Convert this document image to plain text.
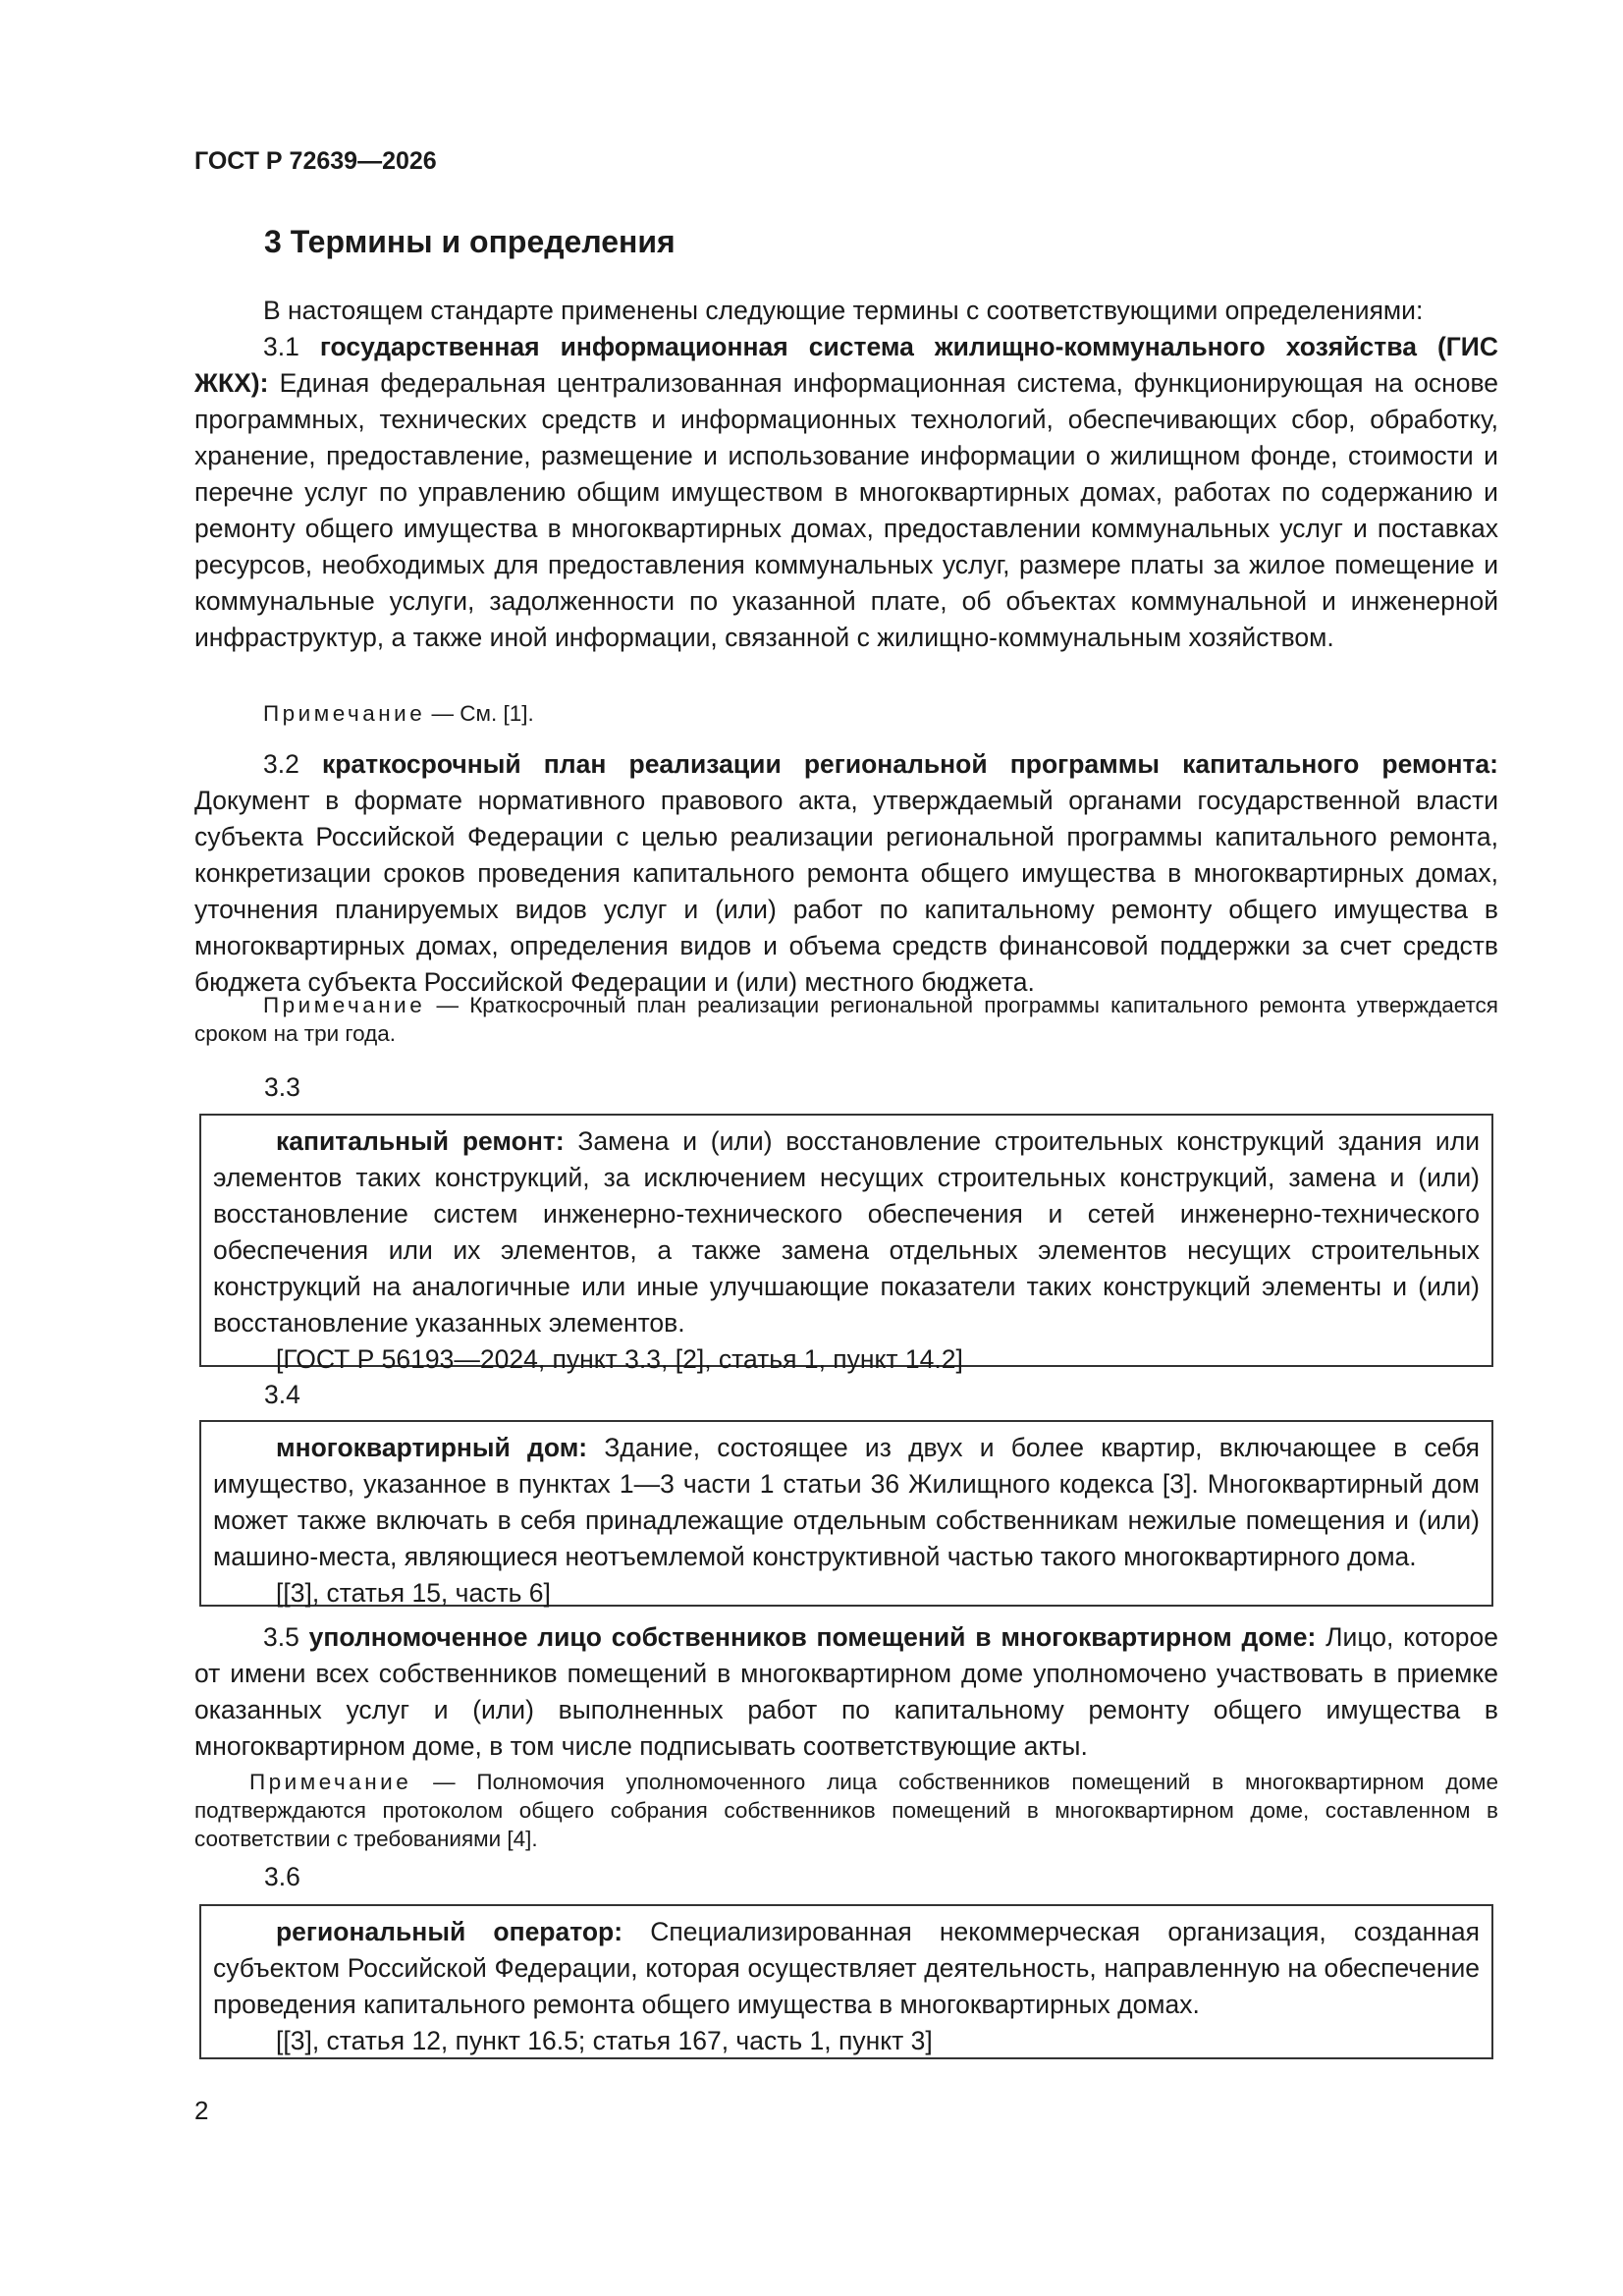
ГОСТ Р 72639—2026
3 Термины и определения
В настоящем стандарте применены следующие термины с соответствующими определениями:
3.1 государственная информационная система жилищно-коммунального хозяйства (ГИС ЖКХ): Единая федеральная централизованная информационная система, функционирующая на основе программных, технических средств и информационных технологий, обеспечивающих сбор, обработку, хранение, предоставление, размещение и использование информации о жилищном фонде, стоимости и перечне услуг по управлению общим имуществом в многоквартирных домах, работах по содержанию и ремонту общего имущества в многоквартирных домах, предоставлении коммунальных услуг и поставках ресурсов, необходимых для предоставления коммунальных услуг, размере платы за жилое помещение и коммунальные услуги, задолженности по указанной плате, об объектах коммунальной и инженерной инфраструктур, а также иной информации, связанной с жилищно-коммунальным хозяйством.
Примечание — См. [1].
3.2 краткосрочный план реализации региональной программы капитального ремонта: Документ в формате нормативного правового акта, утверждаемый органами государственной власти субъекта Российской Федерации с целью реализации региональной программы капитального ремонта, конкретизации сроков проведения капитального ремонта общего имущества в многоквартирных домах, уточнения планируемых видов услуг и (или) работ по капитальному ремонту общего имущества в многоквартирных домах, определения видов и объема средств финансовой поддержки за счет средств бюджета субъекта Российской Федерации и (или) местного бюджета.
Примечание — Краткосрочный план реализации региональной программы капитального ремонта утверждается сроком на три года.
3.3
капитальный ремонт: Замена и (или) восстановление строительных конструкций здания или элементов таких конструкций, за исключением несущих строительных конструкций, замена и (или) восстановление систем инженерно-технического обеспечения и сетей инженерно-технического обеспечения или их элементов, а также замена отдельных элементов несущих строительных конструкций на аналогичные или иные улучшающие показатели таких конструкций элементы и (или) восстановление указанных элементов.
[ГОСТ Р 56193—2024, пункт 3.3, [2], статья 1, пункт 14.2]
3.4
многоквартирный дом: Здание, состоящее из двух и более квартир, включающее в себя имущество, указанное в пунктах 1—3 части 1 статьи 36 Жилищного кодекса [3]. Многоквартирный дом может также включать в себя принадлежащие отдельным собственникам нежилые помещения и (или) машино-места, являющиеся неотъемлемой конструктивной частью такого многоквартирного дома.
[[3], статья 15, часть 6]
3.5 уполномоченное лицо собственников помещений в многоквартирном доме: Лицо, которое от имени всех собственников помещений в многоквартирном доме уполномочено участвовать в приемке оказанных услуг и (или) выполненных работ по капитальному ремонту общего имущества в многоквартирном доме, в том числе подписывать соответствующие акты.
Примечание — Полномочия уполномоченного лица собственников помещений в многоквартирном доме подтверждаются протоколом общего собрания собственников помещений в многоквартирном доме, составленном в соответствии с требованиями [4].
3.6
региональный оператор: Специализированная некоммерческая организация, созданная субъектом Российской Федерации, которая осуществляет деятельность, направленную на обеспечение проведения капитального ремонта общего имущества в многоквартирных домах.
[[3], статья 12, пункт 16.5; статья 167, часть 1, пункт 3]
2
